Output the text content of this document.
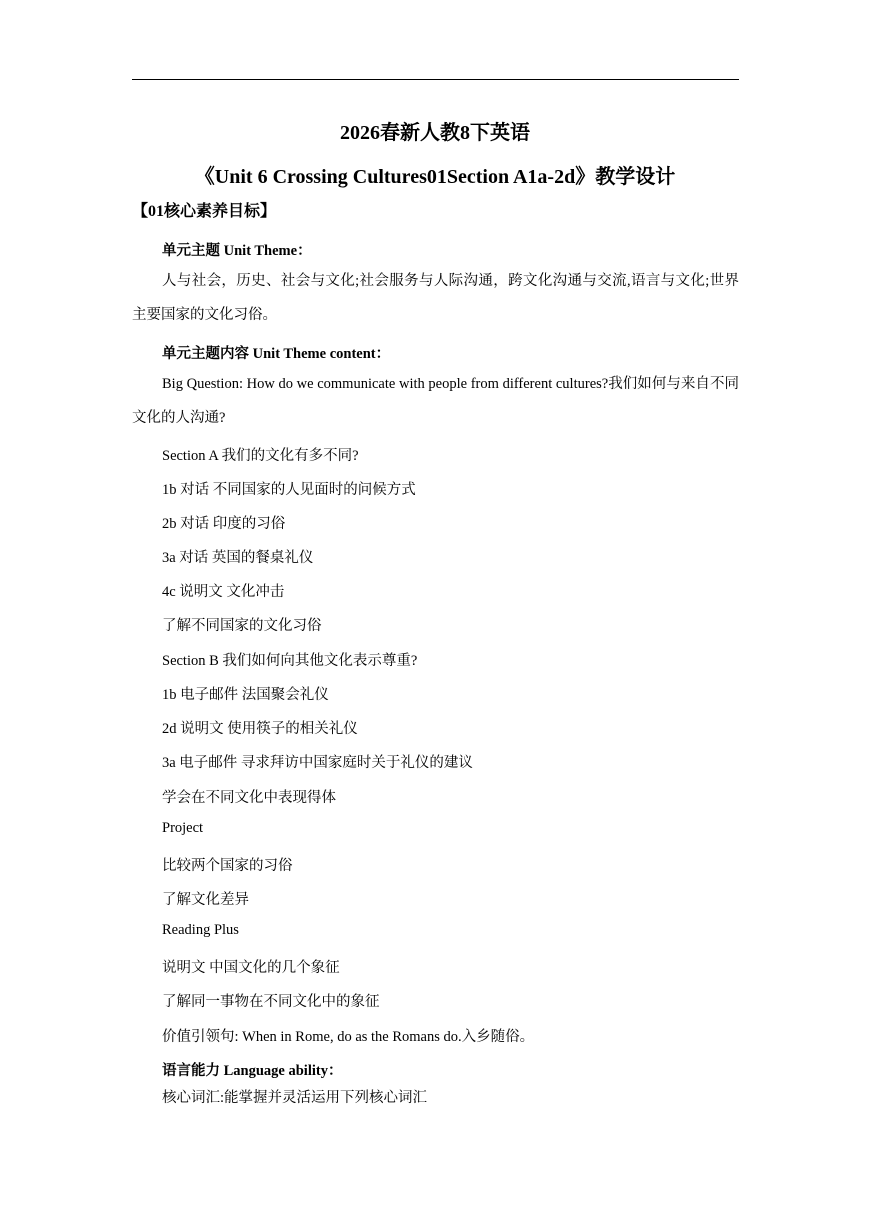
2026春新人教8下英语
《Unit 6 Crossing Cultures01Section A1a-2d》教学设计
【01核心素养目标】
单元主题 Unit Theme：
人与社会，历史、社会与文化;社会服务与人际沟通，跨文化沟通与交流,语言与文化;世界主要国家的文化习俗。
单元主题内容 Unit Theme content：
Big Question: How do we communicate with people from different cultures?我们如何与来自不同文化的人沟通?
Section A 我们的文化有多不同?
1b 对话 不同国家的人见面时的问候方式
2b 对话 印度的习俗
3a 对话 英国的餐桌礼仪
4c 说明文 文化冲击
了解不同国家的文化习俗
Section B 我们如何向其他文化表示尊重?
1b 电子邮件 法国聚会礼仪
2d 说明文 使用筷子的相关礼仪
3a 电子邮件 寻求拜访中国家庭时关于礼仪的建议
学会在不同文化中表现得体
Project
比较两个国家的习俗
了解文化差异
Reading Plus
说明文 中国文化的几个象征
了解同一事物在不同文化中的象征
价值引领句: When in Rome, do as the Romans do.入乡随俗。
语言能力 Language ability：
核心词汇:能掌握并灵活运用下列核心词汇
